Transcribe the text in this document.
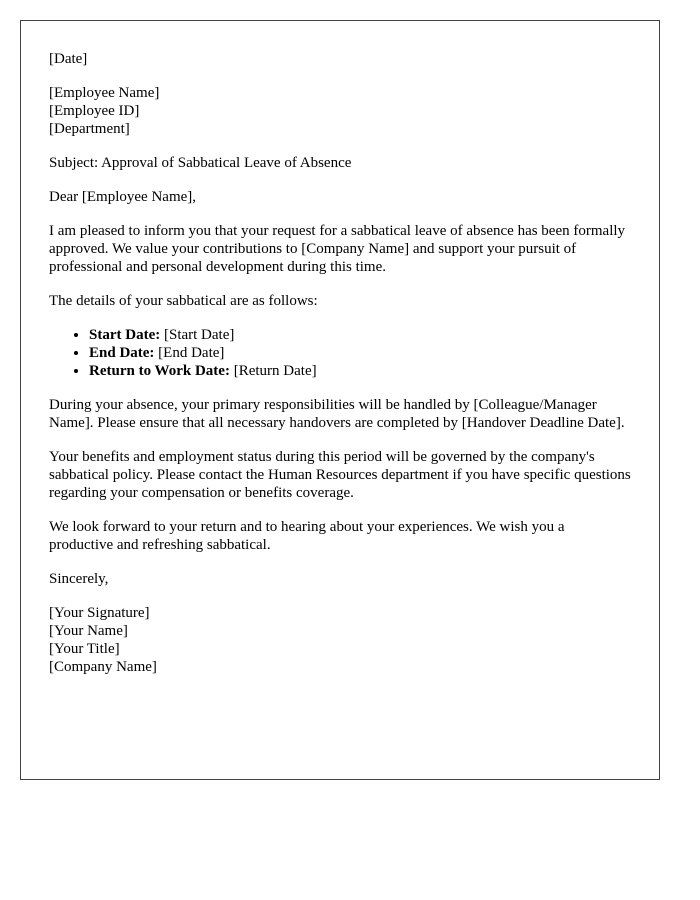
[Date]

[Employee Name]
[Employee ID]
[Department]

Subject: Approval of Sabbatical Leave of Absence

Dear [Employee Name],

I am pleased to inform you that your request for a sabbatical leave of absence has been formally approved. We value your contributions to [Company Name] and support your pursuit of professional and personal development during this time.

The details of your sabbatical are as follows:

• Start Date: [Start Date]
• End Date: [End Date]
• Return to Work Date: [Return Date]

During your absence, your primary responsibilities will be handled by [Colleague/Manager Name]. Please ensure that all necessary handovers are completed by [Handover Deadline Date].

Your benefits and employment status during this period will be governed by the company's sabbatical policy. Please contact the Human Resources department if you have specific questions regarding your compensation or benefits coverage.

We look forward to your return and to hearing about your experiences. We wish you a productive and refreshing sabbatical.

Sincerely,

[Your Signature]
[Your Name]
[Your Title]
[Company Name]
